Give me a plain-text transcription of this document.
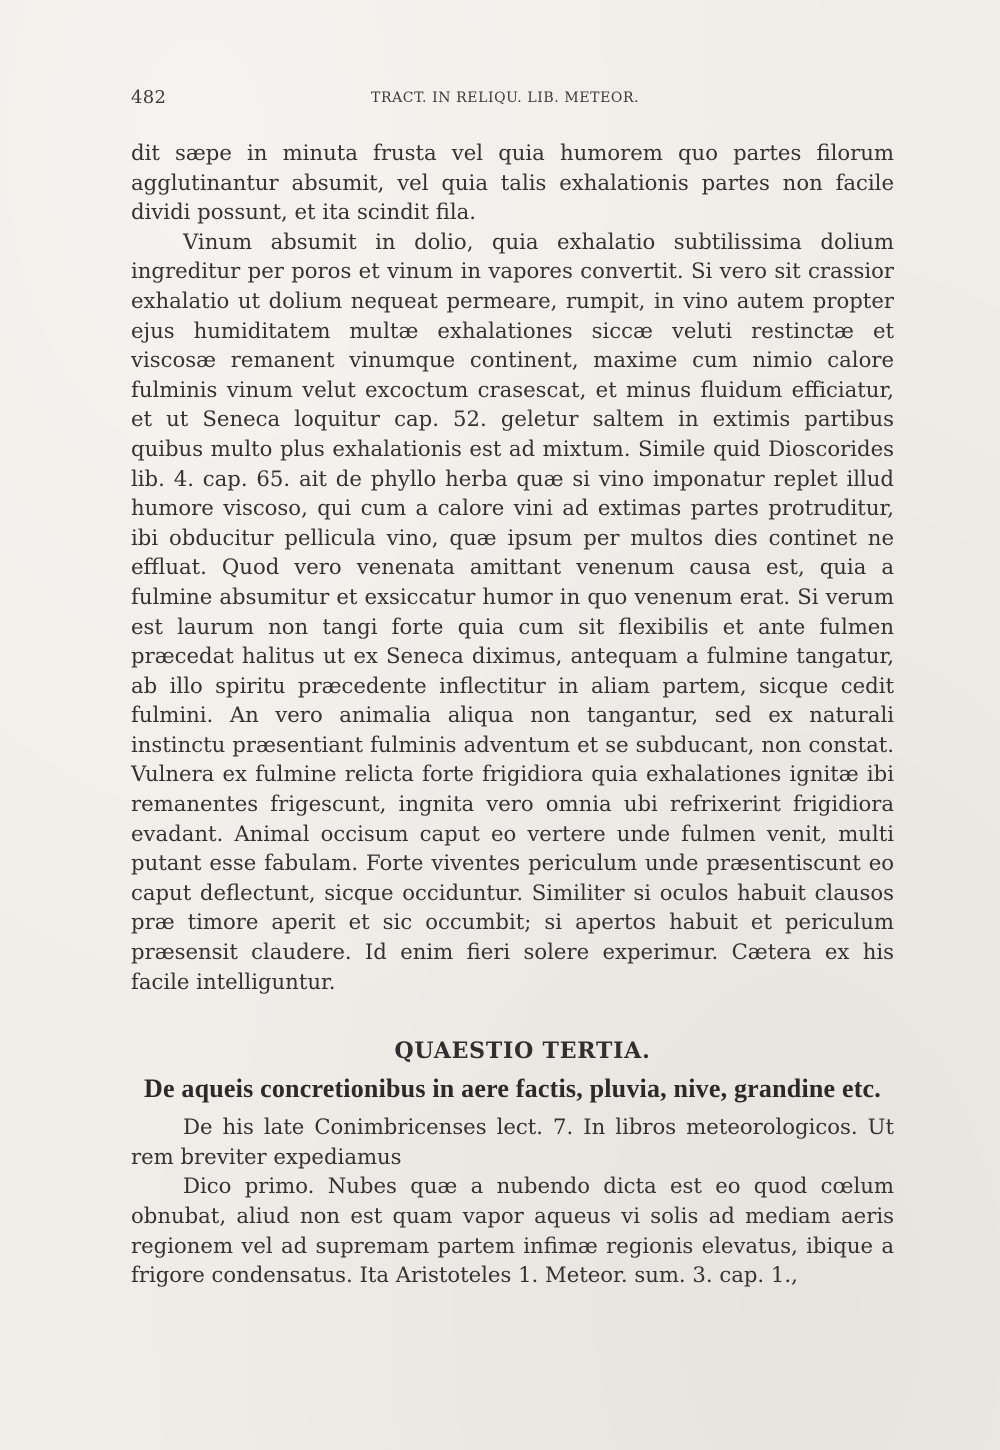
482	TRACT. IN RELIQU. LIB. METEOR.

dit sæpe in minuta frusta vel quia humorem quo partes filorum agglutinantur absumit, vel quia talis exhalationis partes non facile dividi possunt, et ita scindit fila.

Vinum absumit in dolio, quia exhalatio subtilissima dolium ingreditur per poros et vinum in vapores convertit. Si vero sit crassior exhalatio ut dolium nequeat permeare, rumpit, in vino autem propter ejus humiditatem multæ exhalationes siccæ veluti restinctæ et viscosæ remanent vinumque continent, maxime cum nimio calore fulminis vinum velut excoctum crasescat, et minus fluidum efficiatur, et ut Seneca loquitur cap. 52. geletur saltem in extimis partibus quibus multo plus exhalationis est ad mixtum. Simile quid Dioscorides lib. 4. cap. 65. ait de phyllo herba quæ si vino imponatur replet illud humore viscoso, qui cum a calore vini ad extimas partes protruditur, ibi obducitur pellicula vino, quæ ipsum per multos dies continet ne effluat. Quod vero venenata amittant venenum causa est, quia a fulmine absumitur et exsiccatur humor in quo venenum erat. Si verum est laurum non tangi forte quia cum sit flexibilis et ante fulmen præcedat halitus ut ex Seneca diximus, antequam a fulmine tangatur, ab illo spiritu præcedente inflectitur in aliam partem, sicque cedit fulmini. An vero animalia aliqua non tangantur, sed ex naturali instinctu præsentiant fulminis adventum et se subducant, non constat. Vulnera ex fulmine relicta forte frigidiora quia exhalationes ignitæ ibi remanentes frigescunt, ingnita vero omnia ubi refrixerint frigidiora evadant. Animal occisum caput eo vertere unde fulmen venit, multi putant esse fabulam. Forte viventes periculum unde præsentiscunt eo caput deflectunt, sicque occiduntur. Similiter si oculos habuit clausos præ timore aperit et sic occumbit; si apertos habuit et periculum præsensit claudere. Id enim fieri solere experimur. Cætera ex his facile intelliguntur.

QUAESTIO TERTIA.
De aqueis concretionibus in aere factis, pluvia, nive, grandine etc.

De his late Conimbricenses lect. 7. In libros meteorologicos. Ut rem breviter expediamus

Dico primo. Nubes quæ a nubendo dicta est eo quod cœlum obnubat, aliud non est quam vapor aqueus vi solis ad mediam aeris regionem vel ad supremam partem infimæ regionis elevatus, ibique a frigore condensatus. Ita Aristoteles 1. Meteor. sum. 3. cap. 1.,
